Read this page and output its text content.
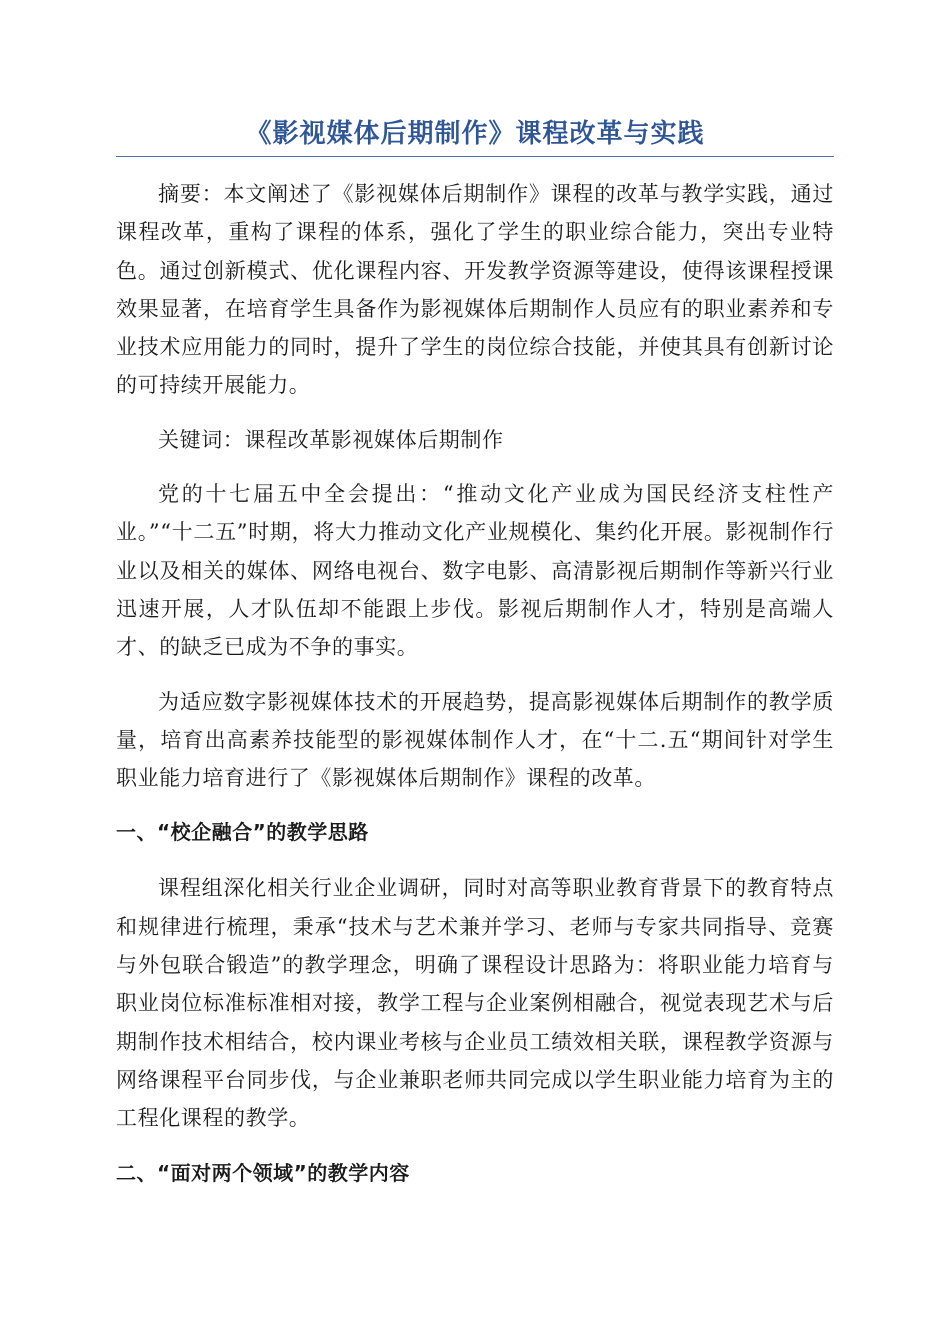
《影视媒体后期制作》课程改革与实践

摘要：本文阐述了《影视媒体后期制作》课程的改革与教学实践，通过课程改革，重构了课程的体系，强化了学生的职业综合能力，突出专业特色。通过创新模式、优化课程内容、开发教学资源等建设，使得该课程授课效果显著，在培育学生具备作为影视媒体后期制作人员应有的职业素养和专业技术应用能力的同时，提升了学生的岗位综合技能，并使其具有创新讨论的可持续开展能力。

关键词：课程改革影视媒体后期制作

党的十七届五中全会提出：“推动文化产业成为国民经济支柱性产业。”“十二五”时期，将大力推动文化产业规模化、集约化开展。影视制作行业以及相关的媒体、网络电视台、数字电影、高清影视后期制作等新兴行业迅速开展，人才队伍却不能跟上步伐。影视后期制作人才，特别是高端人才、的缺乏已成为不争的事实。

为适应数字影视媒体技术的开展趋势，提高影视媒体后期制作的教学质量，培育出高素养技能型的影视媒体制作人才，在“十二.五“期间针对学生职业能力培育进行了《影视媒体后期制作》课程的改革。

一、“校企融合”的教学思路

课程组深化相关行业企业调研，同时对高等职业教育背景下的教育特点和规律进行梳理，秉承“技术与艺术兼并学习、老师与专家共同指导、竞赛与外包联合锻造”的教学理念，明确了课程设计思路为：将职业能力培育与职业岗位标准标准相对接，教学工程与企业案例相融合，视觉表现艺术与后期制作技术相结合，校内课业考核与企业员工绩效相关联，课程教学资源与网络课程平台同步伐，与企业兼职老师共同完成以学生职业能力培育为主的工程化课程的教学。

二、“面对两个领域”的教学内容
